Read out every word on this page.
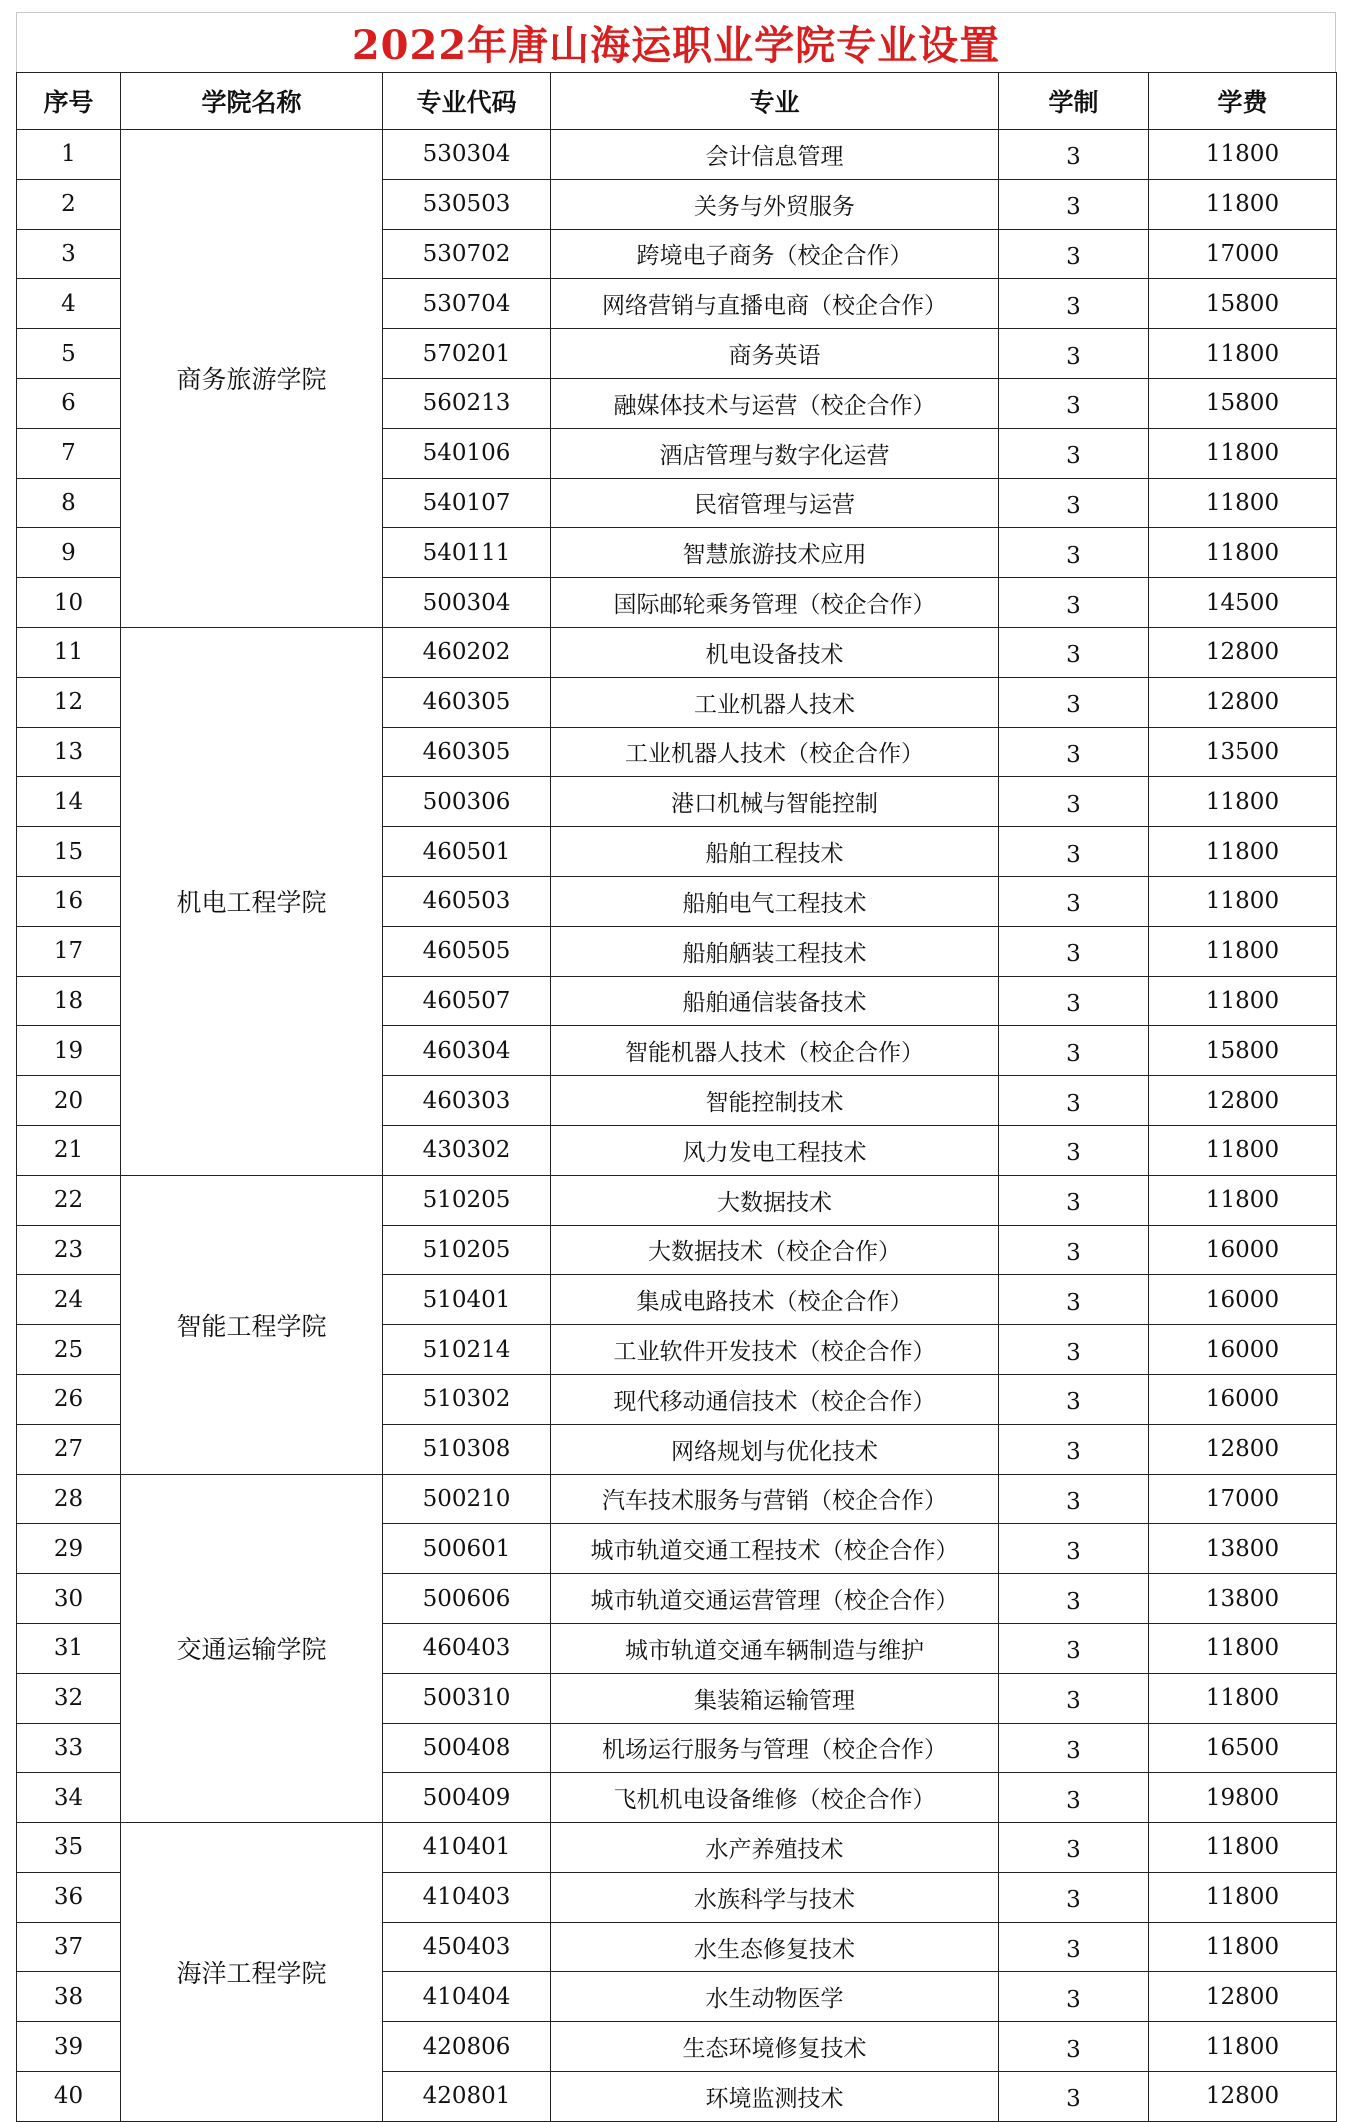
2022年唐山海运职业学院专业设置
序号	学院名称	专业代码	专业	学制	学费
1	商务旅游学院	530304	会计信息管理	3	11800
2		530503	关务与外贸服务	3	11800
3		530702	跨境电子商务（校企合作）	3	17000
4		530704	网络营销与直播电商（校企合作）	3	15800
5		570201	商务英语	3	11800
6		560213	融媒体技术与运营（校企合作）	3	15800
7		540106	酒店管理与数字化运营	3	11800
8		540107	民宿管理与运营	3	11800
9		540111	智慧旅游技术应用	3	11800
10		500304	国际邮轮乘务管理（校企合作）	3	14500
11	机电工程学院	460202	机电设备技术	3	12800
12		460305	工业机器人技术	3	12800
13		460305	工业机器人技术（校企合作）	3	13500
14		500306	港口机械与智能控制	3	11800
15		460501	船舶工程技术	3	11800
16		460503	船舶电气工程技术	3	11800
17		460505	船舶舾装工程技术	3	11800
18		460507	船舶通信装备技术	3	11800
19		460304	智能机器人技术（校企合作）	3	15800
20		460303	智能控制技术	3	12800
21		430302	风力发电工程技术	3	11800
22	智能工程学院	510205	大数据技术	3	11800
23		510205	大数据技术（校企合作）	3	16000
24		510401	集成电路技术（校企合作）	3	16000
25		510214	工业软件开发技术（校企合作）	3	16000
26		510302	现代移动通信技术（校企合作）	3	16000
27		510308	网络规划与优化技术	3	12800
28	交通运输学院	500210	汽车技术服务与营销（校企合作）	3	17000
29		500601	城市轨道交通工程技术（校企合作）	3	13800
30		500606	城市轨道交通运营管理（校企合作）	3	13800
31		460403	城市轨道交通车辆制造与维护	3	11800
32		500310	集装箱运输管理	3	11800
33		500408	机场运行服务与管理（校企合作）	3	16500
34		500409	飞机机电设备维修（校企合作）	3	19800
35	海洋工程学院	410401	水产养殖技术	3	11800
36		410403	水族科学与技术	3	11800
37		450403	水生态修复技术	3	11800
38		410404	水生动物医学	3	12800
39		420806	生态环境修复技术	3	11800
40		420801	环境监测技术	3	12800
